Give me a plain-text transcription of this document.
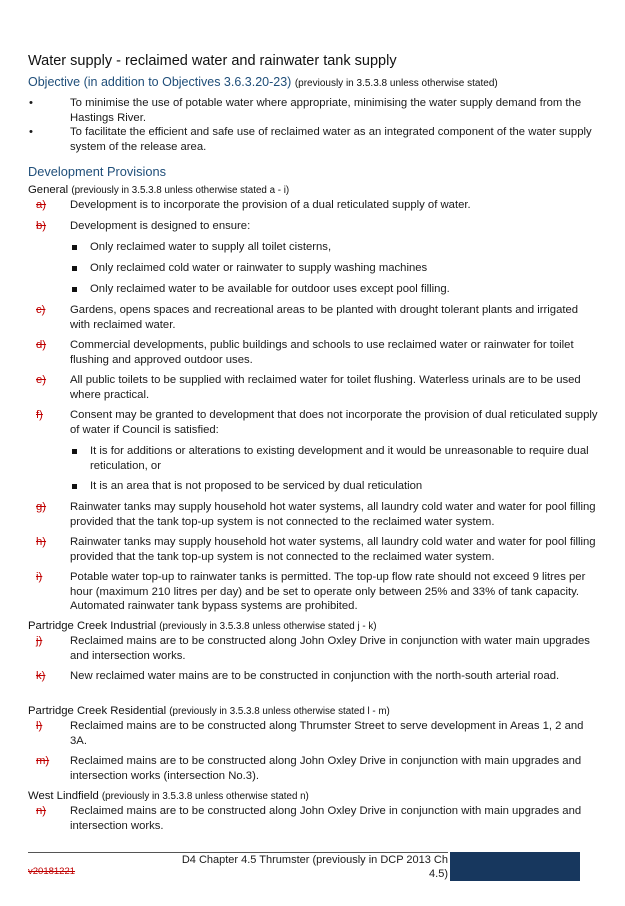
Water supply - reclaimed water and rainwater tank supply
Objective (in addition to Objectives 3.6.3.20-23) (previously in 3.5.3.8 unless otherwise stated)
•	To minimise the use of potable water where appropriate, minimising the water supply demand from the Hastings River.
•	To facilitate the efficient and safe use of reclaimed water as an integrated component of the water supply system of the release area.
Development Provisions
General (previously in 3.5.3.8 unless otherwise stated a - i)
a) Development is to incorporate the provision of a dual reticulated supply of water.
b) Development is designed to ensure:
Only reclaimed water to supply all toilet cisterns,
Only reclaimed cold water or rainwater to supply washing machines
Only reclaimed water to be available for outdoor uses except pool filling.
c) Gardens, opens spaces and recreational areas to be planted with drought tolerant plants and irrigated with reclaimed water.
d) Commercial developments, public buildings and schools to use reclaimed water or rainwater for toilet flushing and approved outdoor uses.
e) All public toilets to be supplied with reclaimed water for toilet flushing. Waterless urinals are to be used where practical.
f) Consent may be granted to development that does not incorporate the provision of dual reticulated supply of water if Council is satisfied:
It is for additions or alterations to existing development and it would be unreasonable to require dual reticulation, or
It is an area that is not proposed to be serviced by dual reticulation
g) Rainwater tanks may supply household hot water systems, all laundry cold water and water for pool filling provided that the tank top-up system is not connected to the reclaimed water system.
h) Rainwater tanks may supply household hot water systems, all laundry cold water and water for pool filling provided that the tank top-up system is not connected to the reclaimed water system.
i) Potable water top-up to rainwater tanks is permitted. The top-up flow rate should not exceed 9 litres per hour (maximum 210 litres per day) and be set to operate only between 25% and 33% of tank capacity. Automated rainwater tank bypass systems are prohibited.
Partridge Creek Industrial (previously in 3.5.3.8 unless otherwise stated j - k)
j) Reclaimed mains are to be constructed along John Oxley Drive in conjunction with water main upgrades and intersection works.
k) New reclaimed water mains are to be constructed in conjunction with the north-south arterial road.
Partridge Creek Residential (previously in 3.5.3.8 unless otherwise stated l - m)
l) Reclaimed mains are to be constructed along Thrumster Street to serve development in Areas 1, 2 and 3A.
m) Reclaimed mains are to be constructed along John Oxley Drive in conjunction with main upgrades and intersection works (intersection No.3).
West Lindfield (previously in 3.5.3.8 unless otherwise stated n)
n) Reclaimed mains are to be constructed along John Oxley Drive in conjunction with main upgrades and intersection works.
D4 Chapter 4.5 Thrumster (previously in DCP 2013 Ch 4.5)
v20181221
